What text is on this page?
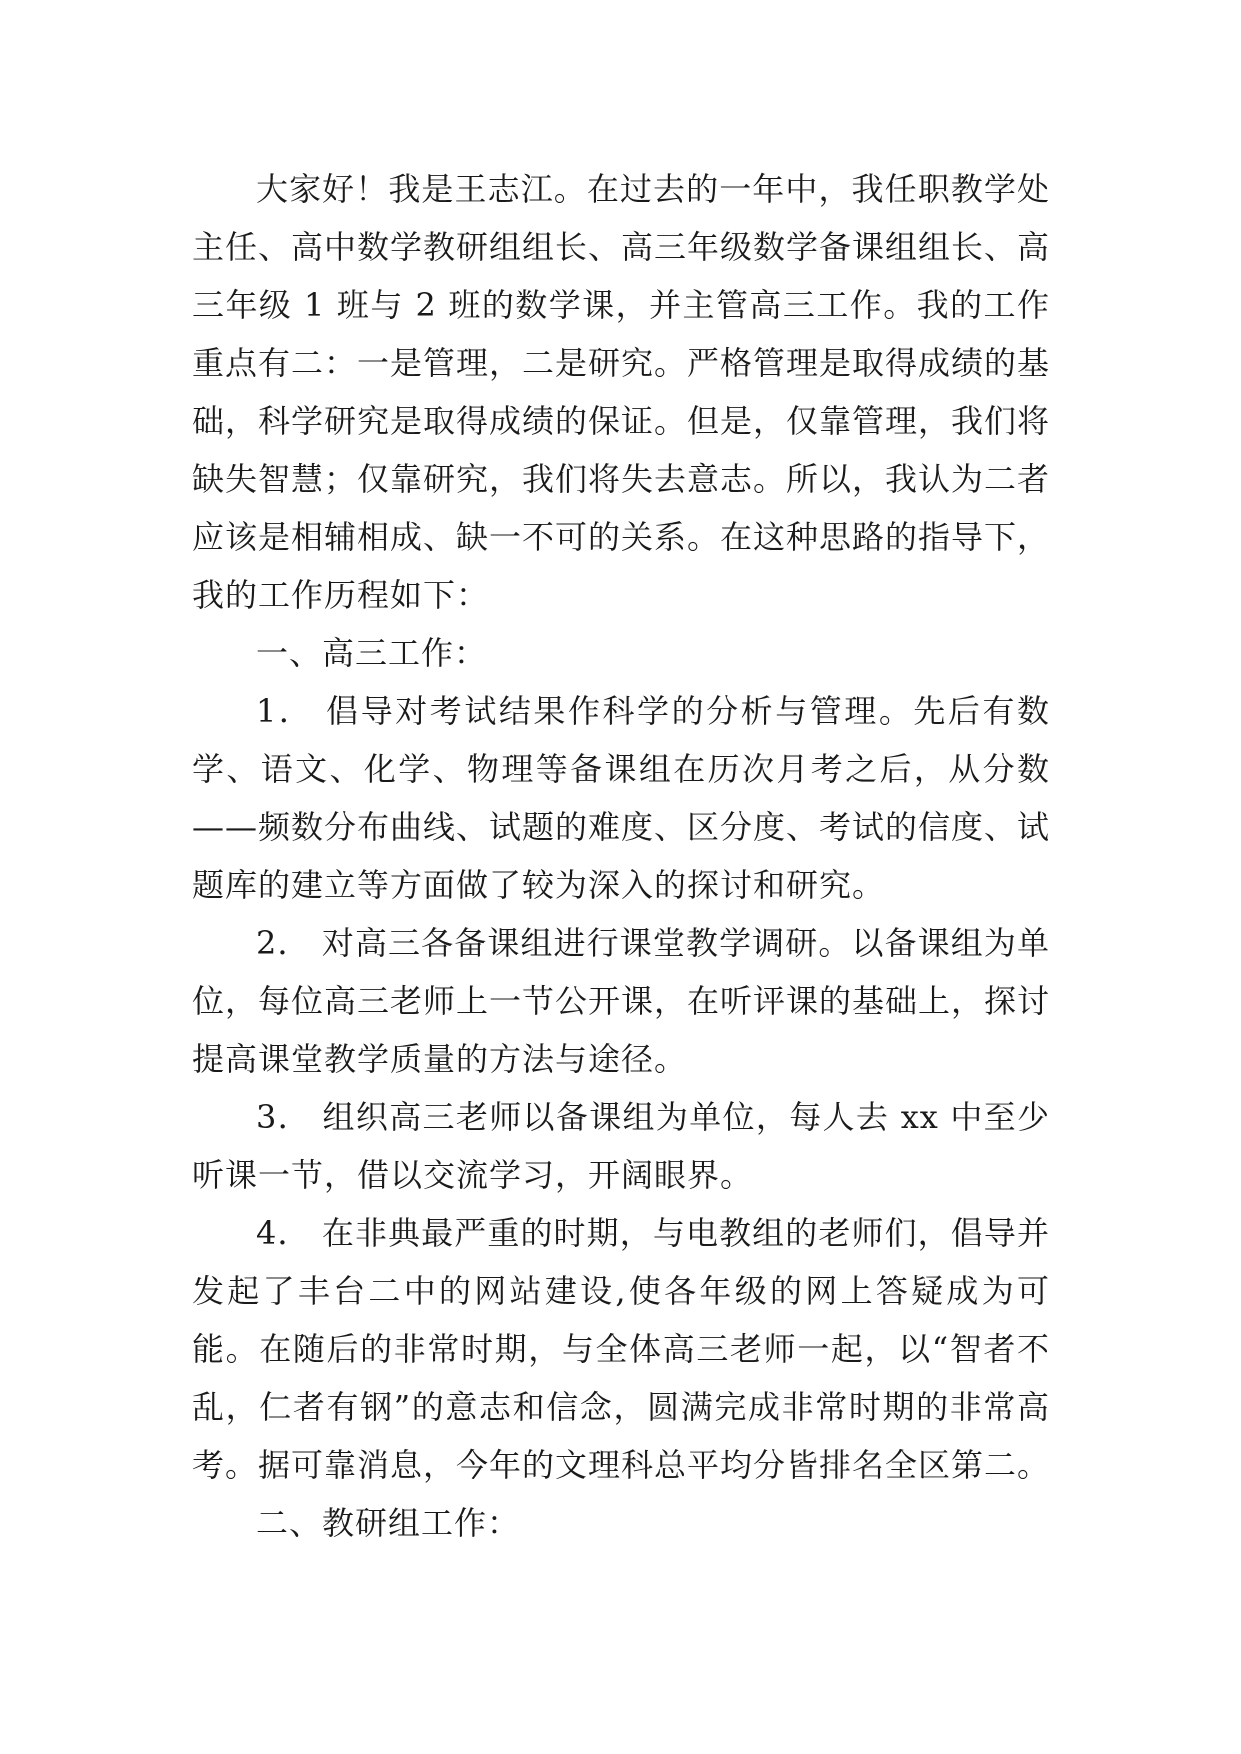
大家好！我是王志江。在过去的一年中，我任职教学处主任、高中数学教研组组长、高三年级数学备课组组长、高三年级 1 班与 2 班的数学课，并主管高三工作。我的工作重点有二：一是管理，二是研究。严格管理是取得成绩的基础，科学研究是取得成绩的保证。但是，仅靠管理，我们将缺失智慧；仅靠研究，我们将失去意志。所以，我认为二者应该是相辅相成、缺一不可的关系。在这种思路的指导下，我的工作历程如下：

一、高三工作：

1． 倡导对考试结果作科学的分析与管理。先后有数学、语文、化学、物理等备课组在历次月考之后，从分数——频数分布曲线、试题的难度、区分度、考试的信度、试题库的建立等方面做了较为深入的探讨和研究。

2． 对高三各备课组进行课堂教学调研。以备课组为单位，每位高三老师上一节公开课，在听评课的基础上，探讨提高课堂教学质量的方法与途径。

3． 组织高三老师以备课组为单位，每人去 xx 中至少听课一节，借以交流学习，开阔眼界。

4． 在非典最严重的时期，与电教组的老师们，倡导并发起了丰台二中的网站建设,使各年级的网上答疑成为可能。在随后的非常时期，与全体高三老师一起，以“智者不乱，仁者有钢”的意志和信念，圆满完成非常时期的非常高考。据可靠消息，今年的文理科总平均分皆排名全区第二。

二、教研组工作：
